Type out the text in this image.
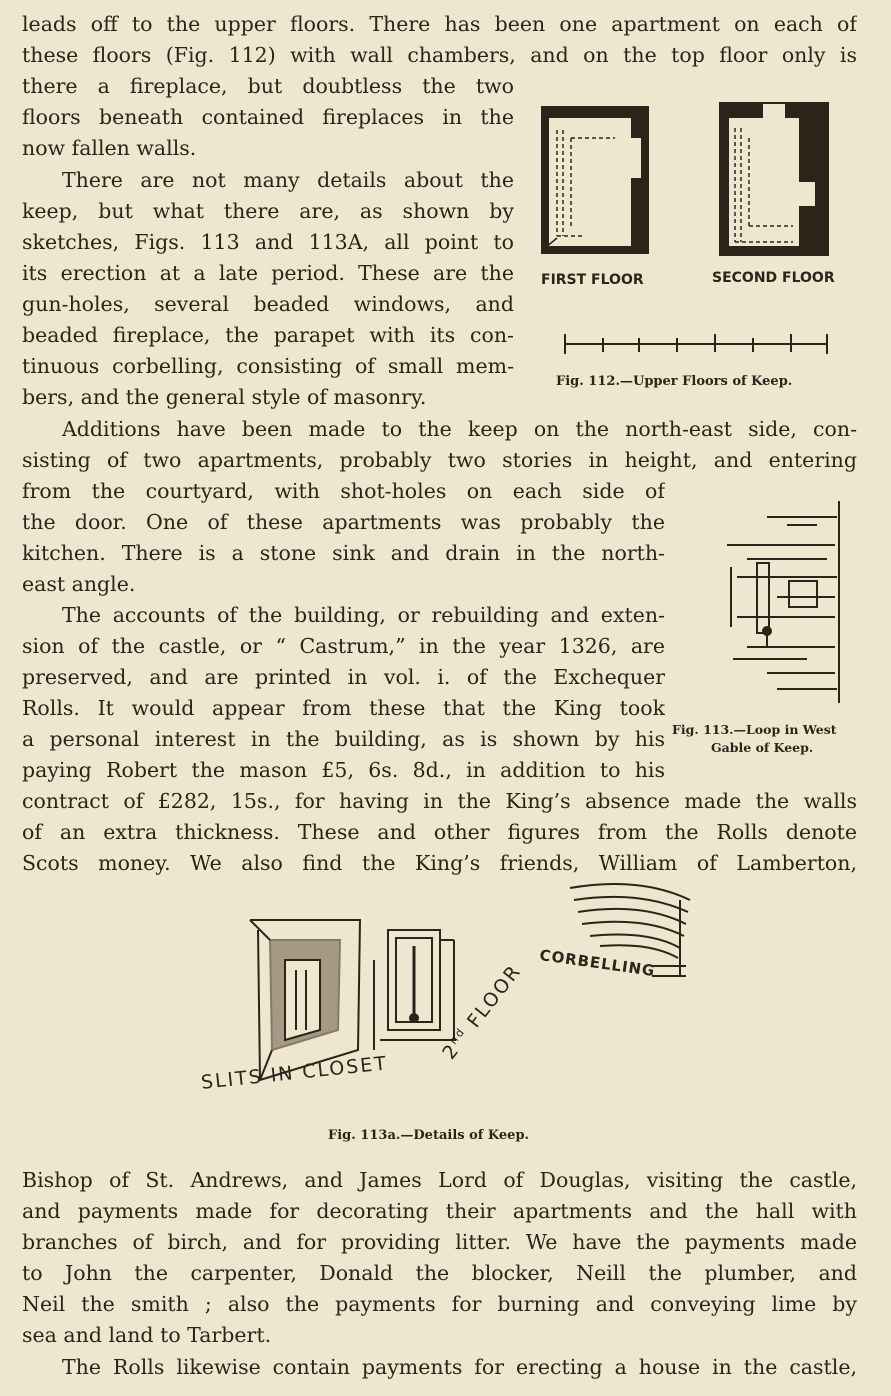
leads off to the upper floors. There has been one apartment on each of
these floors (Fig. 112) with wall chambers, and on the top floor only is
there a fireplace, but doubtless the two
floors beneath contained fireplaces in the
now fallen walls.
There are not many details about the
keep, but what there are, as shown by
sketches, Figs. 113 and 113A, all point to
its erection at a late period. These are the
gun-holes, several beaded windows, and
beaded fireplace, the parapet with its con-
tinuous corbelling, consisting of small mem-
bers, and the general style of masonry.
Additions have been made to the keep on the north-east side, con-
sisting of two apartments, probably two stories in height, and entering
from the courtyard, with shot-holes on each side of
the door. One of these apartments was probably the
kitchen. There is a stone sink and drain in the north-
east angle.
The accounts of the building, or rebuilding and exten-
sion of the castle, or “ Castrum,” in the year 1326, are
preserved, and are printed in vol. i. of the Exchequer
Rolls. It would appear from these that the King took
a personal interest in the building, as is shown by his
paying Robert the mason £5, 6s. 8d., in addition to his
contract of £282, 15s., for having in the King’s absence made the walls
of an extra thickness. These and other figures from the Rolls denote
Scots money. We also find the King’s friends, William of Lamberton,
Bishop of St. Andrews, and James Lord of Douglas, visiting the castle,
and payments made for decorating their apartments and the hall with
branches of birch, and for providing litter. We have the payments made
to John the carpenter, Donald the blocker, Neill the plumber, and
Neil the smith ; also the payments for burning and conveying lime by
sea and land to Tarbert.
The Rolls likewise contain payments for erecting a house in the castle,
FIRST FLOOR	SECOND FLOOR
Fig. 112.—Upper Floors of Keep.
Fig. 113.—Loop in West
Gable of Keep.
CORBELLING
SLITS IN CLOSET
2nd FLOOR
Fig. 113a.—Details of Keep.
